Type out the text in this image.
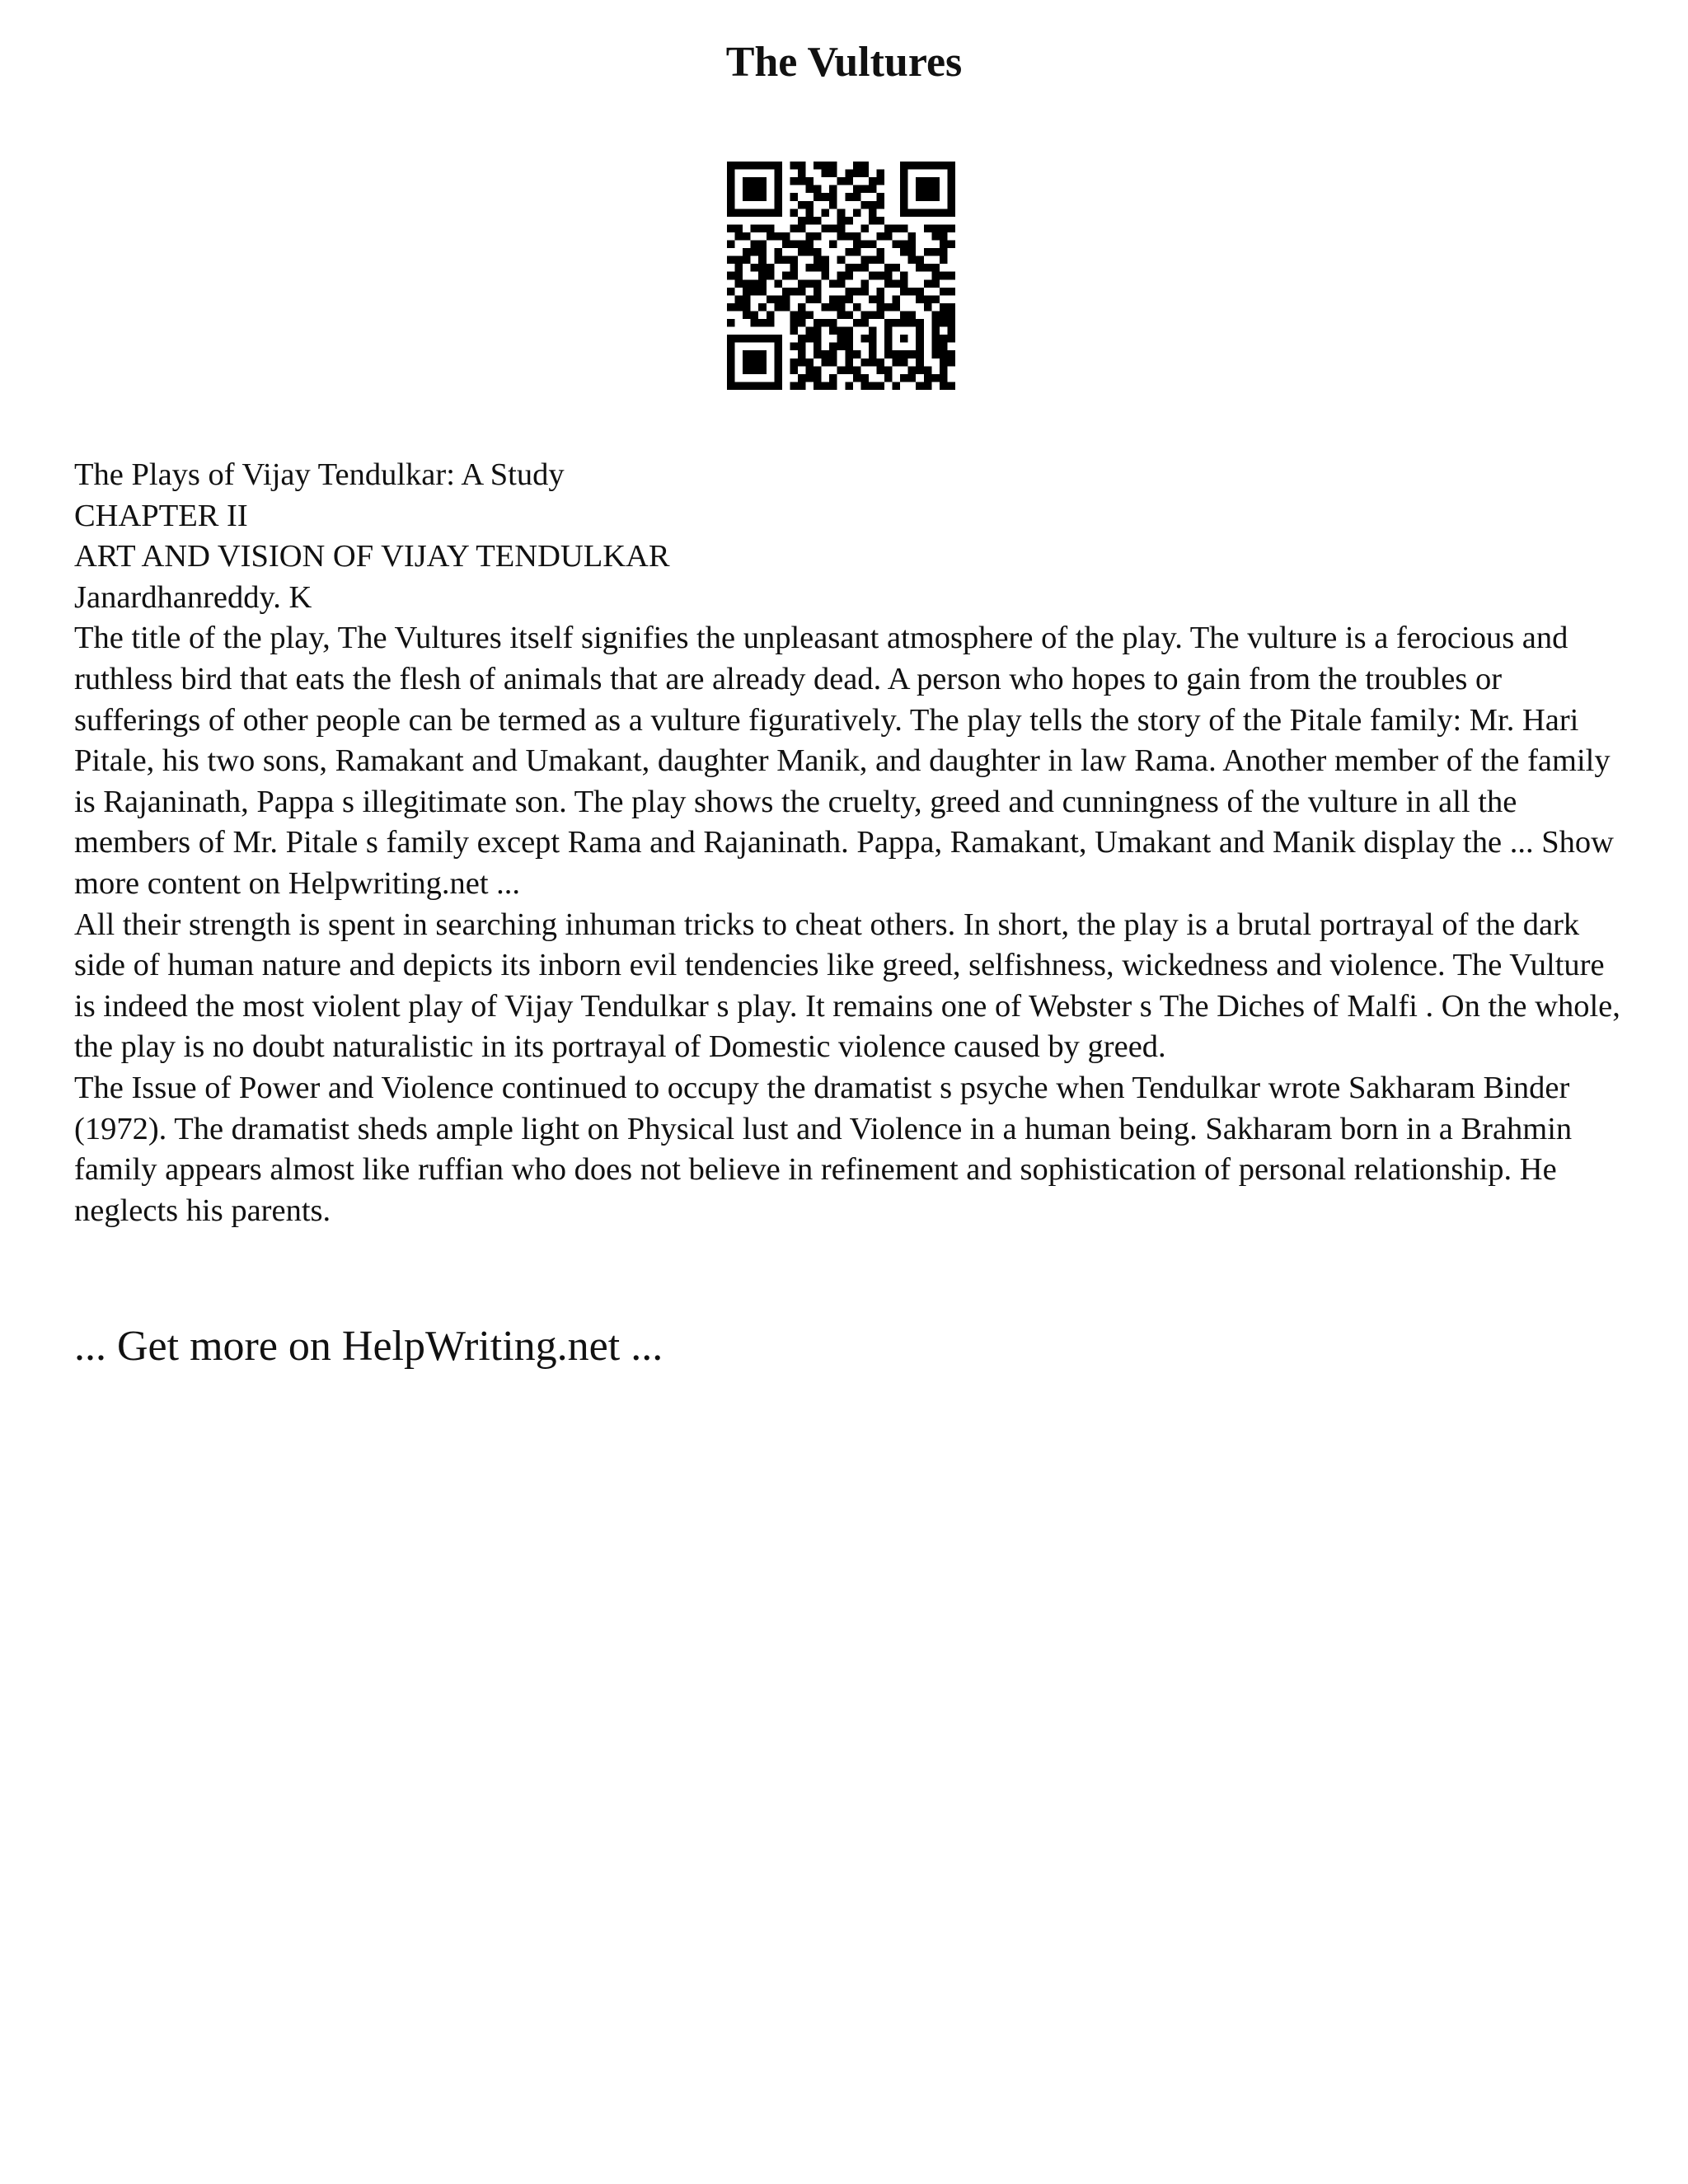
The Vultures

The Plays of Vijay Tendulkar: A Study

CHAPTER II

ART AND VISION OF VIJAY TENDULKAR

Janardhanreddy. K

The title of the play, The Vultures itself signifies the unpleasant atmosphere of the play. The vulture is a ferocious and ruthless bird that eats the flesh of animals that are already dead. A person who hopes to gain from the troubles or sufferings of other people can be termed as a vulture figuratively. The play tells the story of the Pitale family: Mr. Hari Pitale, his two sons, Ramakant and Umakant, daughter Manik, and daughter in law Rama. Another member of the family is Rajaninath, Pappa s illegitimate son. The play shows the cruelty, greed and cunningness of the vulture in all the members of Mr. Pitale s family except Rama and Rajaninath. Pappa, Ramakant, Umakant and Manik display the ... Show more content on Helpwriting.net ...

All their strength is spent in searching inhuman tricks to cheat others. In short, the play is a brutal portrayal of the dark side of human nature and depicts its inborn evil tendencies like greed, selfishness, wickedness and violence. The Vulture is indeed the most violent play of Vijay Tendulkar s play. It remains one of Webster s The Diches of Malfi . On the whole, the play is no doubt naturalistic in its portrayal of Domestic violence caused by greed.

The Issue of Power and Violence continued to occupy the dramatist s psyche when Tendulkar wrote Sakharam Binder (1972). The dramatist sheds ample light on Physical lust and Violence in a human being. Sakharam born in a Brahmin family appears almost like ruffian who does not believe in refinement and sophistication of personal relationship. He neglects his parents.

... Get more on HelpWriting.net ...
